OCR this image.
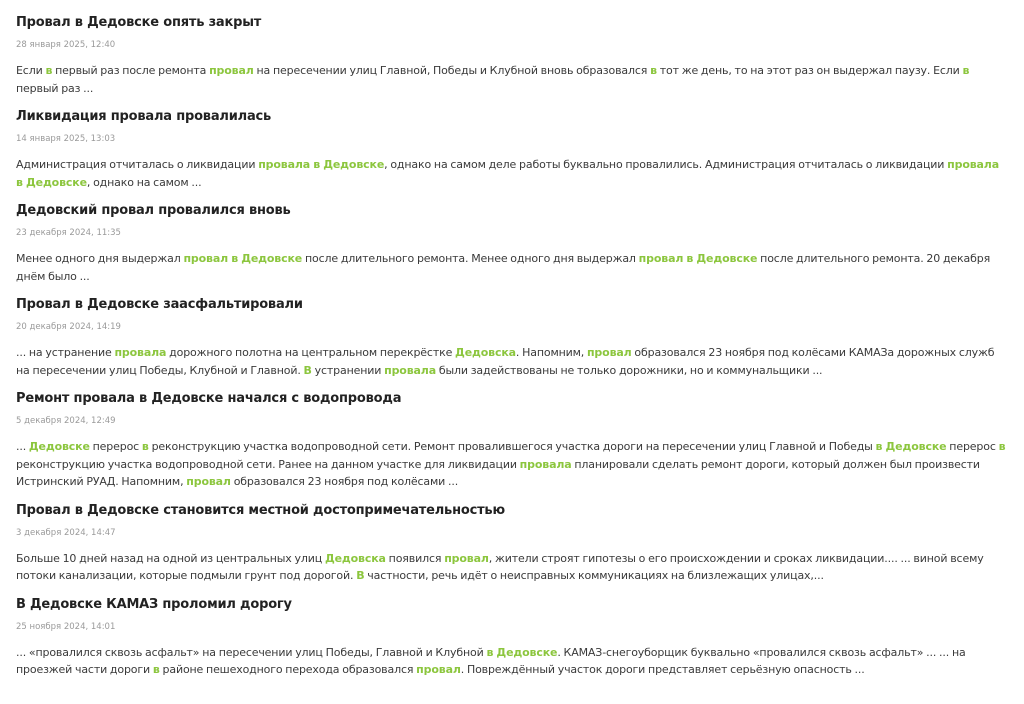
Провал в Дедовске опять закрыт
28 января 2025, 12:40
Если в первый раз после ремонта провал на пересечении улиц Главной, Победы и Клубной вновь образовался в тот же день, то на этот раз он выдержал паузу. Если в первый раз ...
Ликвидация провала провалилась
14 января 2025, 13:03
Администрация отчиталась о ликвидации провала в Дедовске, однако на самом деле работы буквально провалились. Администрация отчиталась о ликвидации провала в Дедовске, однако на самом ...
Дедовский провал провалился вновь
23 декабря 2024, 11:35
Менее одного дня выдержал провал в Дедовске после длительного ремонта. Менее одного дня выдержал провал в Дедовске после длительного ремонта. 20 декабря днём было ...
Провал в Дедовске заасфальтировали
20 декабря 2024, 14:19
... на устранение провала дорожного полотна на центральном перекрёстке Дедовска. Напомним, провал образовался 23 ноября под колёсами КАМАЗа дорожных служб на пересечении улиц Победы, Клубной и Главной. В устранении провала были задействованы не только дорожники, но и коммунальщики ...
Ремонт провала в Дедовске начался с водопровода
5 декабря 2024, 12:49
... Дедовске перерос в реконструкцию участка водопроводной сети. Ремонт провалившегося участка дороги на пересечении улиц Главной и Победы в Дедовске перерос в реконструкцию участка водопроводной сети. Ранее на данном участке для ликвидации провала планировали сделать ремонт дороги, который должен был произвести Истринский РУАД. Напомним, провал образовался 23 ноября под колёсами ...
Провал в Дедовске становится местной достопримечательностью
3 декабря 2024, 14:47
Больше 10 дней назад на одной из центральных улиц Дедовска появился провал, жители строят гипотезы о его происхождении и сроках ликвидации.... ... виной всему потоки канализации, которые подмыли грунт под дорогой. В частности, речь идёт о неисправных коммуникациях на близлежащих улицах,...
В Дедовске КАМАЗ проломил дорогу
25 ноября 2024, 14:01
... «провалился сквозь асфальт» на пересечении улиц Победы, Главной и Клубной в Дедовске. КАМАЗ-снегоуборщик буквально «провалился сквозь асфальт» ... ... на проезжей части дороги в районе пешеходного перехода образовался провал. Повреждённый участок дороги представляет серьёзную опасность ...
